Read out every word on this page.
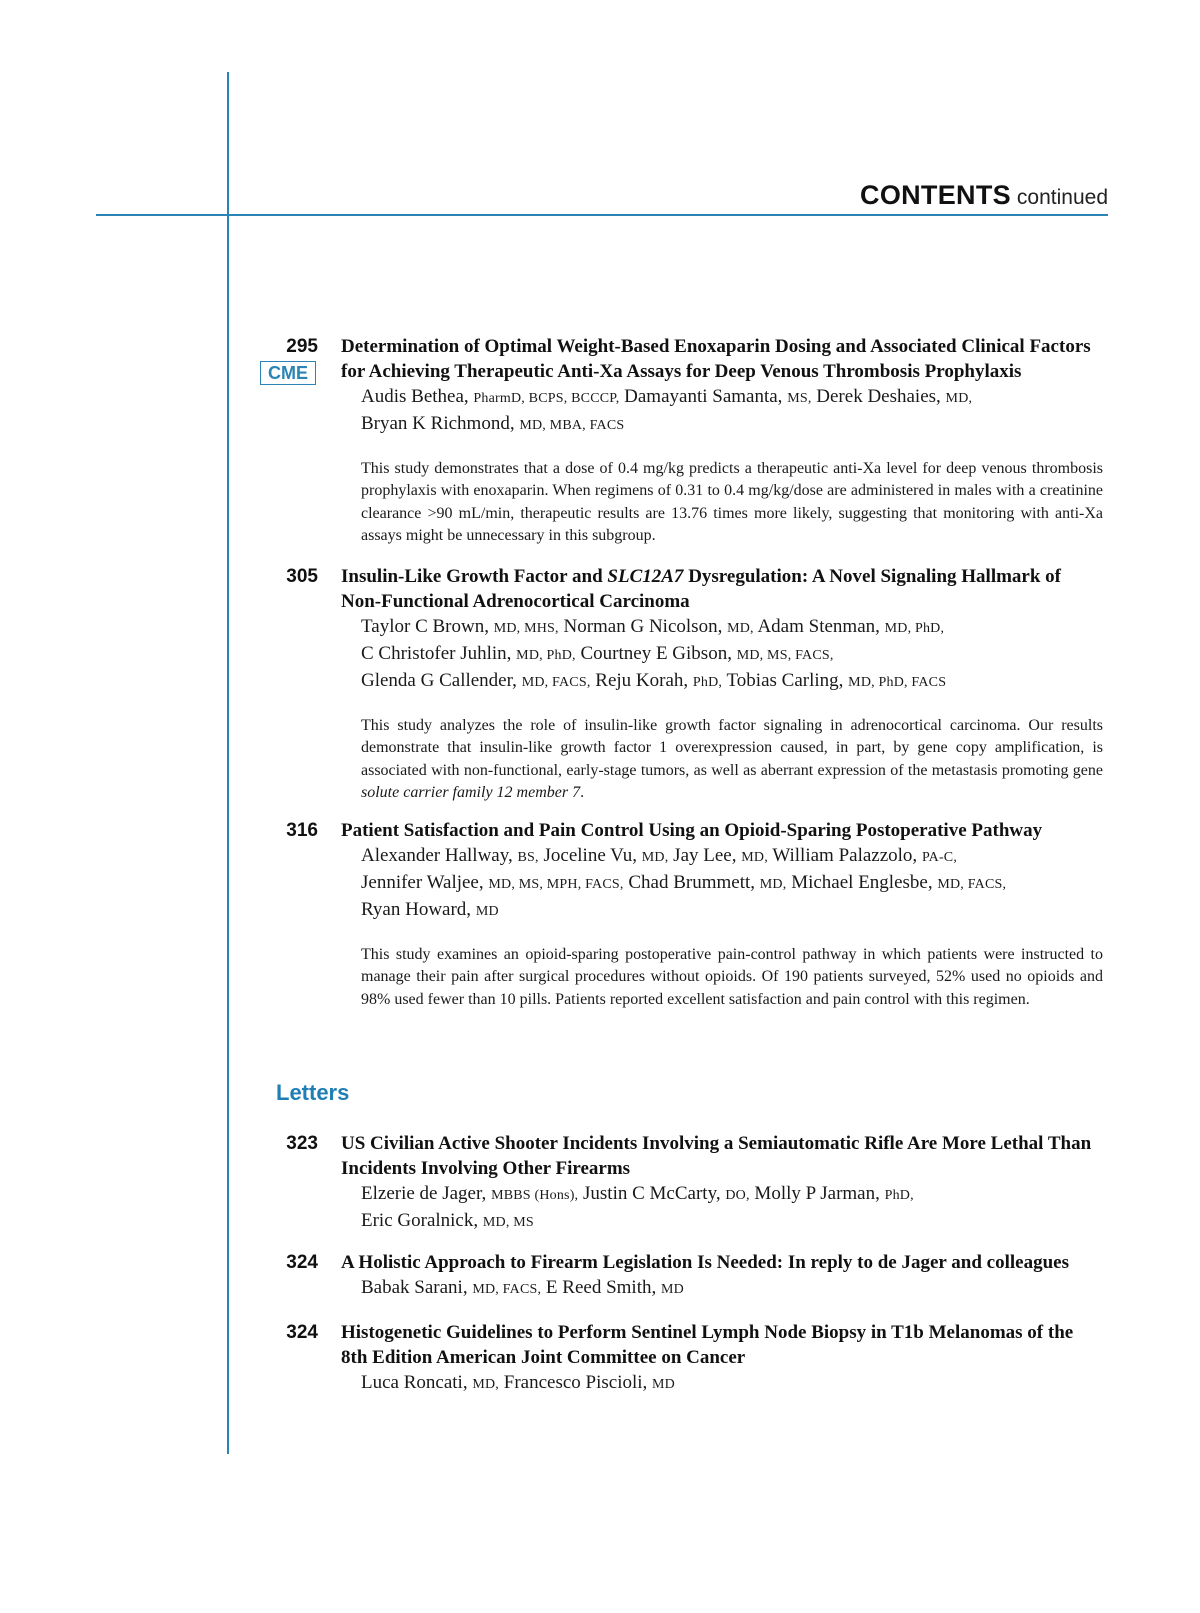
CONTENTS continued
295
CME
Determination of Optimal Weight-Based Enoxaparin Dosing and Associated Clinical Factors
for Achieving Therapeutic Anti-Xa Assays for Deep Venous Thrombosis Prophylaxis
Audis Bethea, PharmD, BCPS, BCCCP, Damayanti Samanta, MS, Derek Deshaies, MD,
Bryan K Richmond, MD, MBA, FACS
This study demonstrates that a dose of 0.4 mg/kg predicts a therapeutic anti-Xa level for deep venous thrombosis prophylaxis with enoxaparin. When regimens of 0.31 to 0.4 mg/kg/dose are administered in males with a creatinine clearance >90 mL/min, therapeutic results are 13.76 times more likely, suggesting that monitoring with anti-Xa assays might be unnecessary in this subgroup.
305 Insulin-Like Growth Factor and SLC12A7 Dysregulation: A Novel Signaling Hallmark of
Non-Functional Adrenocortical Carcinoma
Taylor C Brown, MD, MHS, Norman G Nicolson, MD, Adam Stenman, MD, PhD,
C Christofer Juhlin, MD, PhD, Courtney E Gibson, MD, MS, FACS,
Glenda G Callender, MD, FACS, Reju Korah, PhD, Tobias Carling, MD, PhD, FACS
This study analyzes the role of insulin-like growth factor signaling in adrenocortical carcinoma. Our results demonstrate that insulin-like growth factor 1 overexpression caused, in part, by gene copy amplification, is associated with non-functional, early-stage tumors, as well as aberrant expression of the metastasis promoting gene solute carrier family 12 member 7.
316 Patient Satisfaction and Pain Control Using an Opioid-Sparing Postoperative Pathway
Alexander Hallway, BS, Joceline Vu, MD, Jay Lee, MD, William Palazzolo, PA-C,
Jennifer Waljee, MD, MS, MPH, FACS, Chad Brummett, MD, Michael Englesbe, MD, FACS,
Ryan Howard, MD
This study examines an opioid-sparing postoperative pain-control pathway in which patients were instructed to manage their pain after surgical procedures without opioids. Of 190 patients surveyed, 52% used no opioids and 98% used fewer than 10 pills. Patients reported excellent satisfaction and pain control with this regimen.
Letters
323 US Civilian Active Shooter Incidents Involving a Semiautomatic Rifle Are More Lethal Than
Incidents Involving Other Firearms
Elzerie de Jager, MBBS (Hons), Justin C McCarty, DO, Molly P Jarman, PhD,
Eric Goralnick, MD, MS
324 A Holistic Approach to Firearm Legislation Is Needed: In reply to de Jager and colleagues
Babak Sarani, MD, FACS, E Reed Smith, MD
324 Histogenetic Guidelines to Perform Sentinel Lymph Node Biopsy in T1b Melanomas of the
8th Edition American Joint Committee on Cancer
Luca Roncati, MD, Francesco Piscioli, MD
